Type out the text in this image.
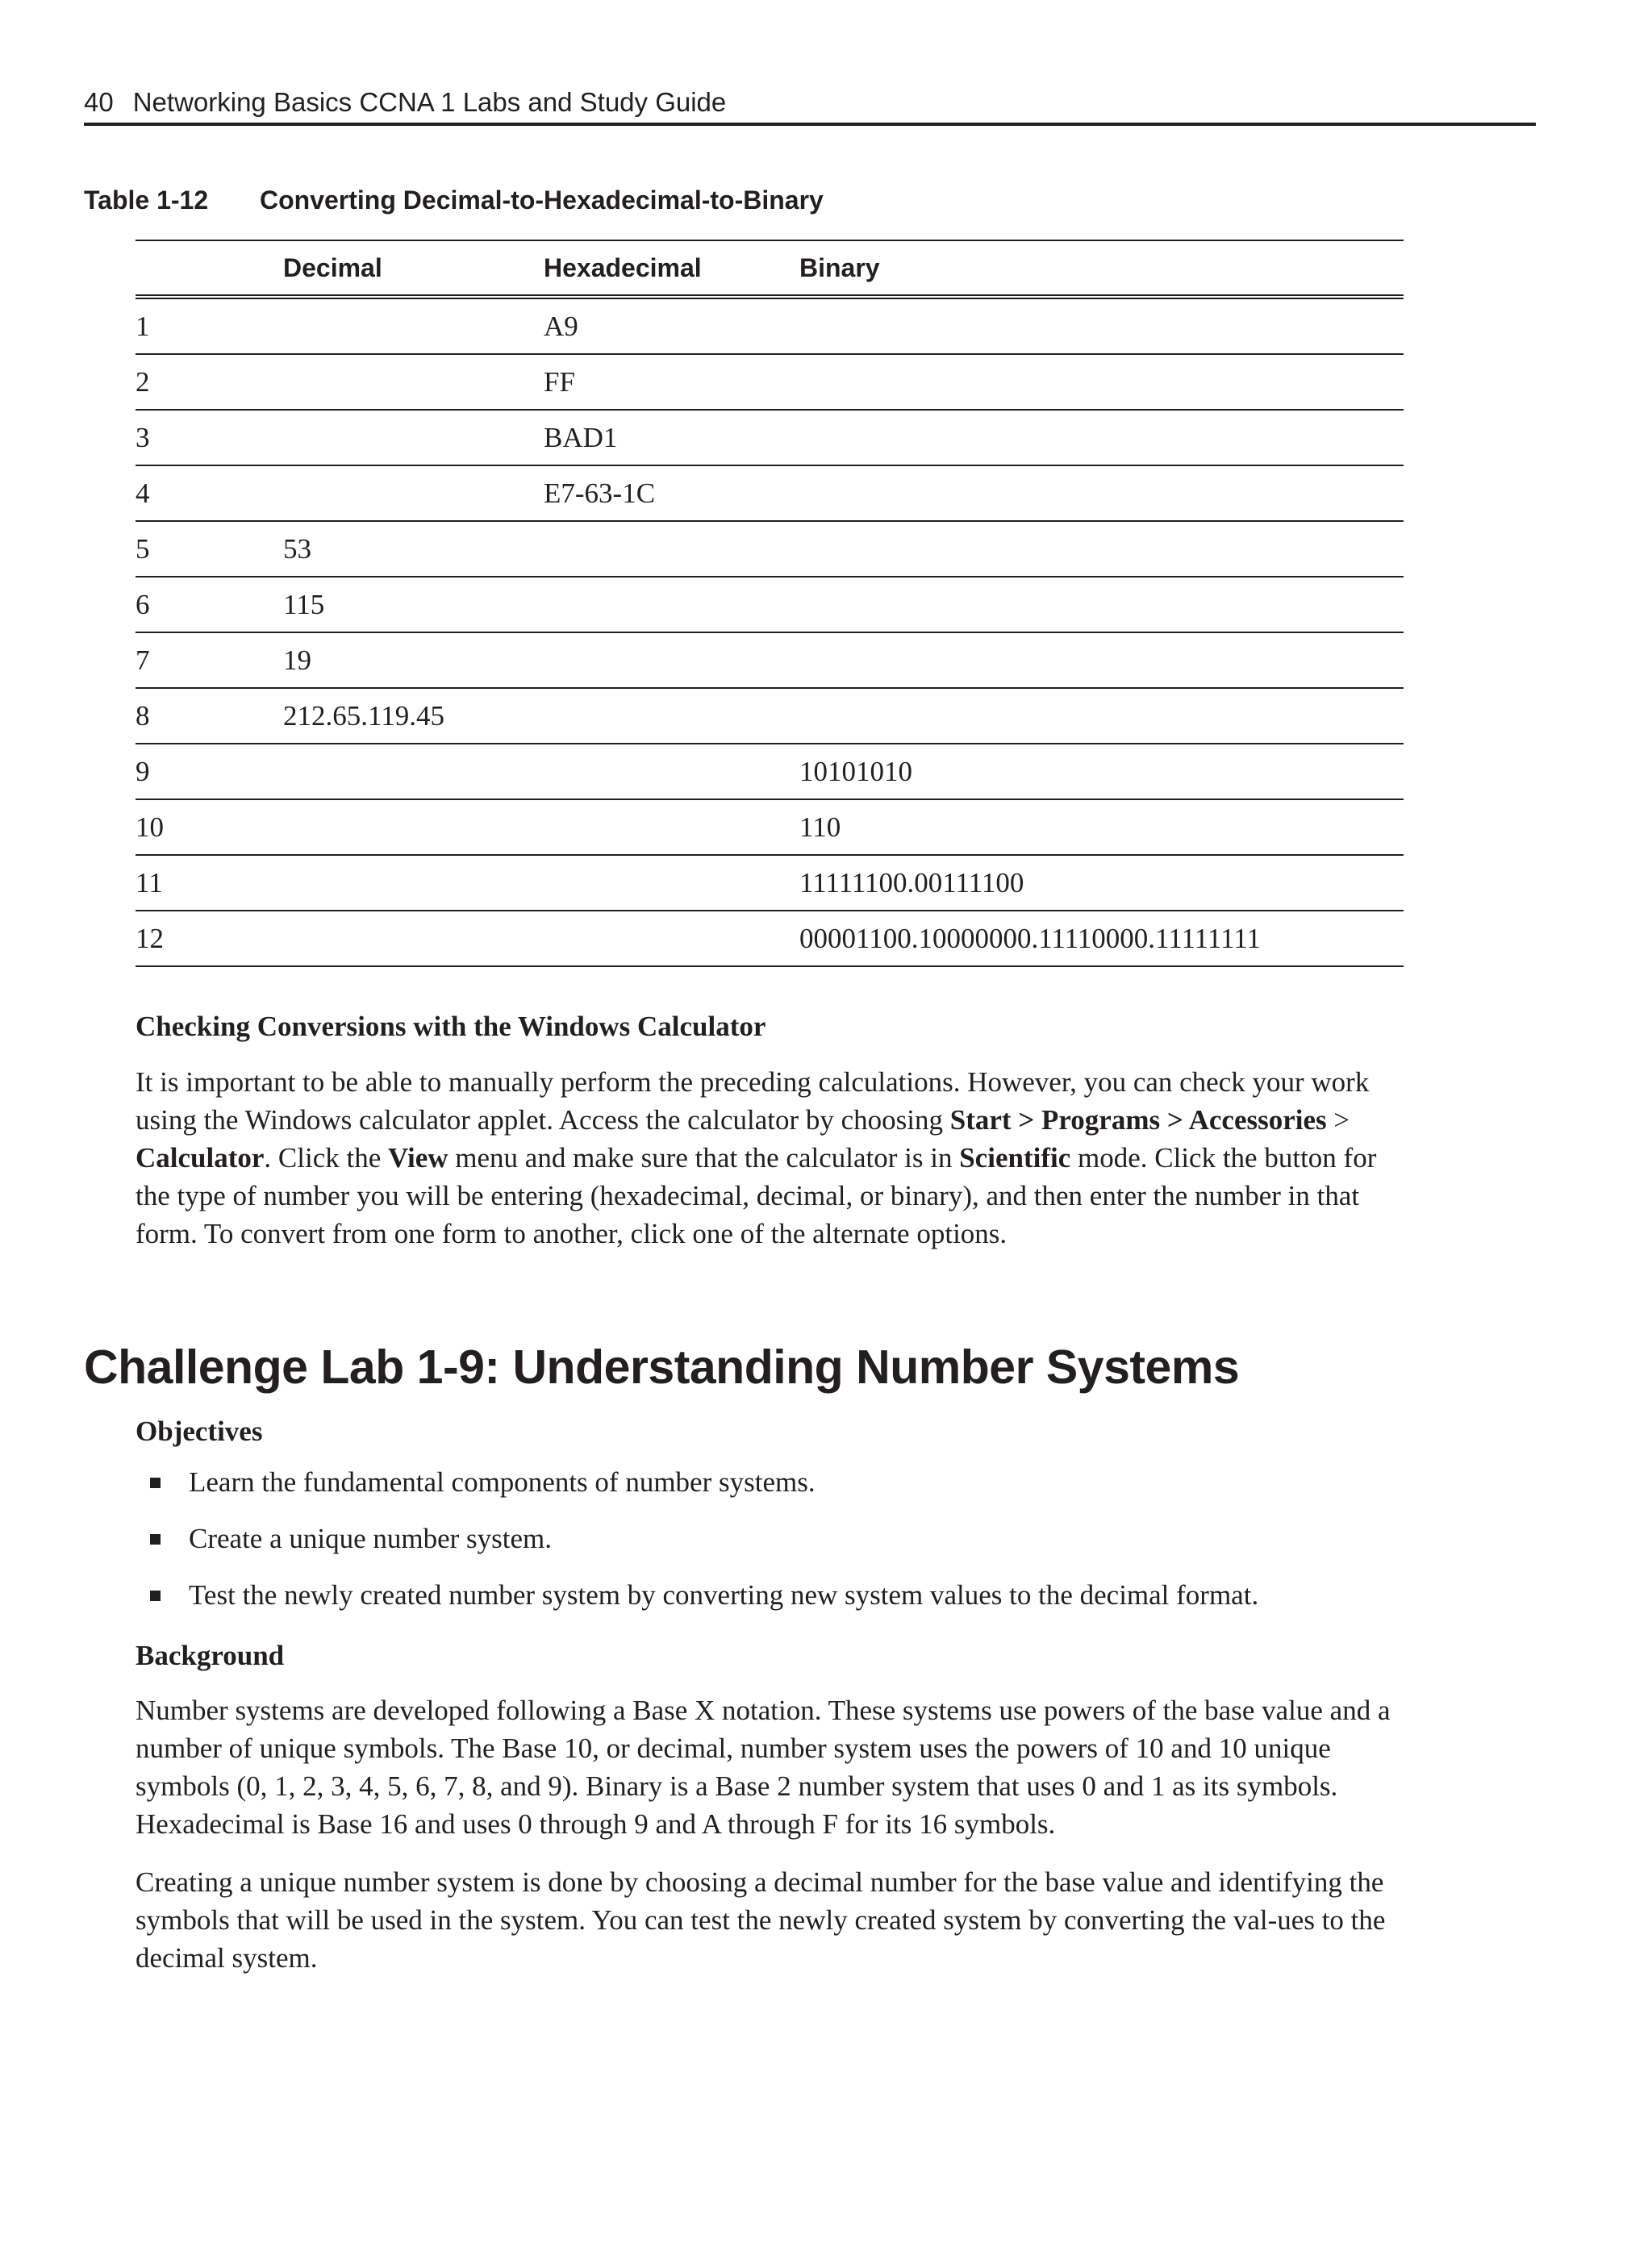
40 Networking Basics CCNA 1 Labs and Study Guide
Table 1-12 Converting Decimal-to-Hexadecimal-to-Binary
	Decimal	Hexadecimal	Binary
1		A9	
2		FF	
3		BAD1	
4		E7-63-1C	
5	53		
6	115		
7	19		
8	212.65.119.45		
9			10101010
10			110
11			11111100.00111100
12			00001100.10000000.11110000.11111111
Checking Conversions with the Windows Calculator

It is important to be able to manually perform the preceding calculations. However, you can check your work using the Windows calculator applet. Access the calculator by choosing Start > Programs > Accessories > Calculator. Click the View menu and make sure that the calculator is in Scientific mode. Click the button for the type of number you will be entering (hexadecimal, decimal, or binary), and then enter the number in that form. To convert from one form to another, click one of the alternate options.

Challenge Lab 1-9: Understanding Number Systems
Objectives
Learn the fundamental components of number systems.
Create a unique number system.
Test the newly created number system by converting new system values to the decimal format.
Background

Number systems are developed following a Base X notation. These systems use powers of the base value and a number of unique symbols. The Base 10, or decimal, number system uses the powers of 10 and 10 unique symbols (0, 1, 2, 3, 4, 5, 6, 7, 8, and 9). Binary is a Base 2 number system that uses 0 and 1 as its symbols. Hexadecimal is Base 16 and uses 0 through 9 and A through F for its 16 symbols.

Creating a unique number system is done by choosing a decimal number for the base value and identifying the symbols that will be used in the system. You can test the newly created system by converting the val-ues to the decimal system.
